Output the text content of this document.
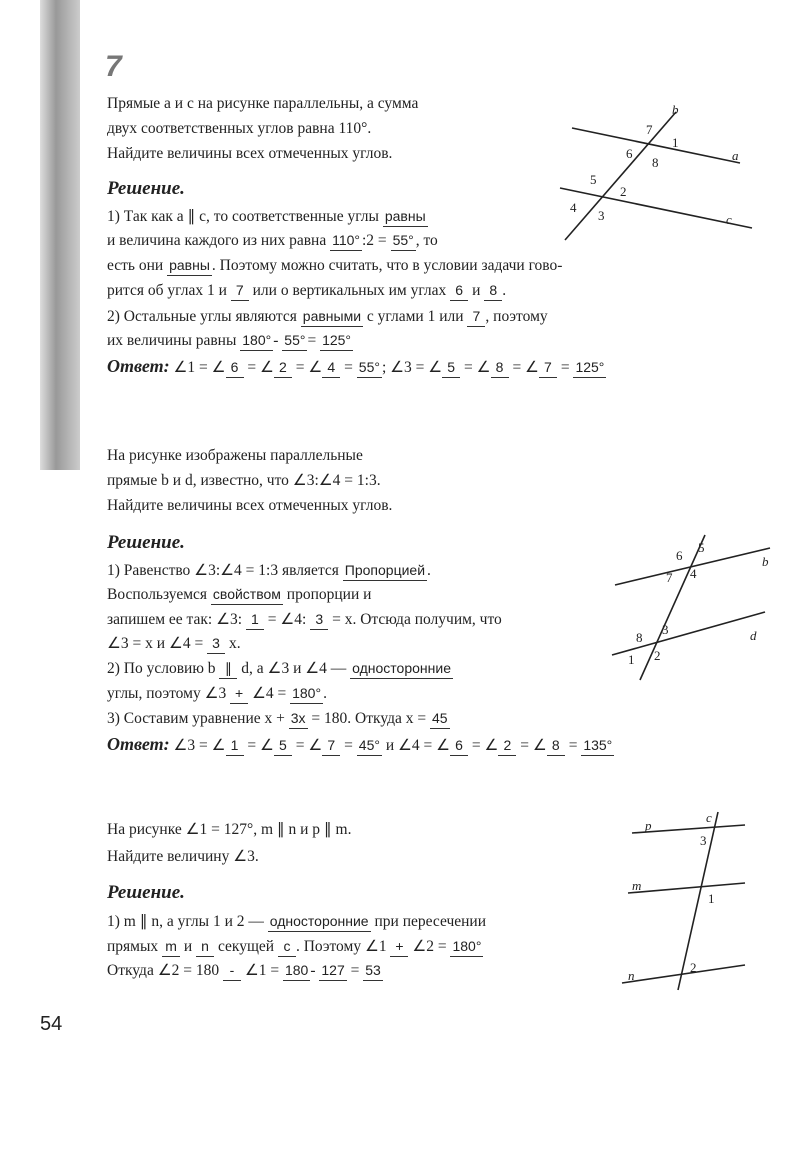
7
54
b
7
1
6
8	a
5
2
4
3	c
6
5
b
7 4
8
3	d
1 2
p
c
3
m
1
n
2
Прямые a и c на рисунке параллельны, а сумма
двух соответственных углов равна 110°.
Найдите величины всех отмеченных углов.
Решение.
1) Так как a ∥ c, то соответственные углы равны
и величина каждого из них равна 110° :2 = 55° , то
есть они равны . Поэтому можно считать, что в условии задачи гово-
рится об углах 1 и 7 или о вертикальных им углах 6 и 8 .
2) Остальные углы являются равными с углами 1 или 7 , поэтому
их величины равны 180° - 55° = 125°
Ответ: ∠1 = ∠ 6 = ∠ 2 = ∠ 4 = 55° ; ∠3 = ∠ 5 = ∠ 8 = ∠ 7 = 125°
На рисунке изображены параллельные
прямые b и d, известно, что ∠3:∠4 = 1:3.
Найдите величины всех отмеченных углов.
Решение.
1) Равенство ∠3:∠4 = 1:3 является Пропорцией .
Воспользуемся свойством пропорции и
запишем ее так: ∠3: 1 = ∠4: 3 = x. Отсюда получим, что
∠3 = x и ∠4 = 3 x.
2) По условию b ∥ d, а ∠3 и ∠4 — односторонние
углы, поэтому ∠3 + ∠4 = 180° .
3) Составим уравнение x + 3x = 180. Откуда x = 45
Ответ: ∠3 = ∠ 1 = ∠ 5 = ∠ 7 = 45° и ∠4 = ∠ 6 = ∠ 2 = ∠ 8 = 135°
На рисунке ∠1 = 127°, m ∥ n и p ∥ m.
Найдите величину ∠3.
Решение.
1) m ∥ n, а углы 1 и 2 — односторонние при пересечении
прямых m и n секущей c . Поэтому ∠1 + ∠2 = 180°
Откуда ∠2 = 180 - ∠1 = 180 - 127 = 53
